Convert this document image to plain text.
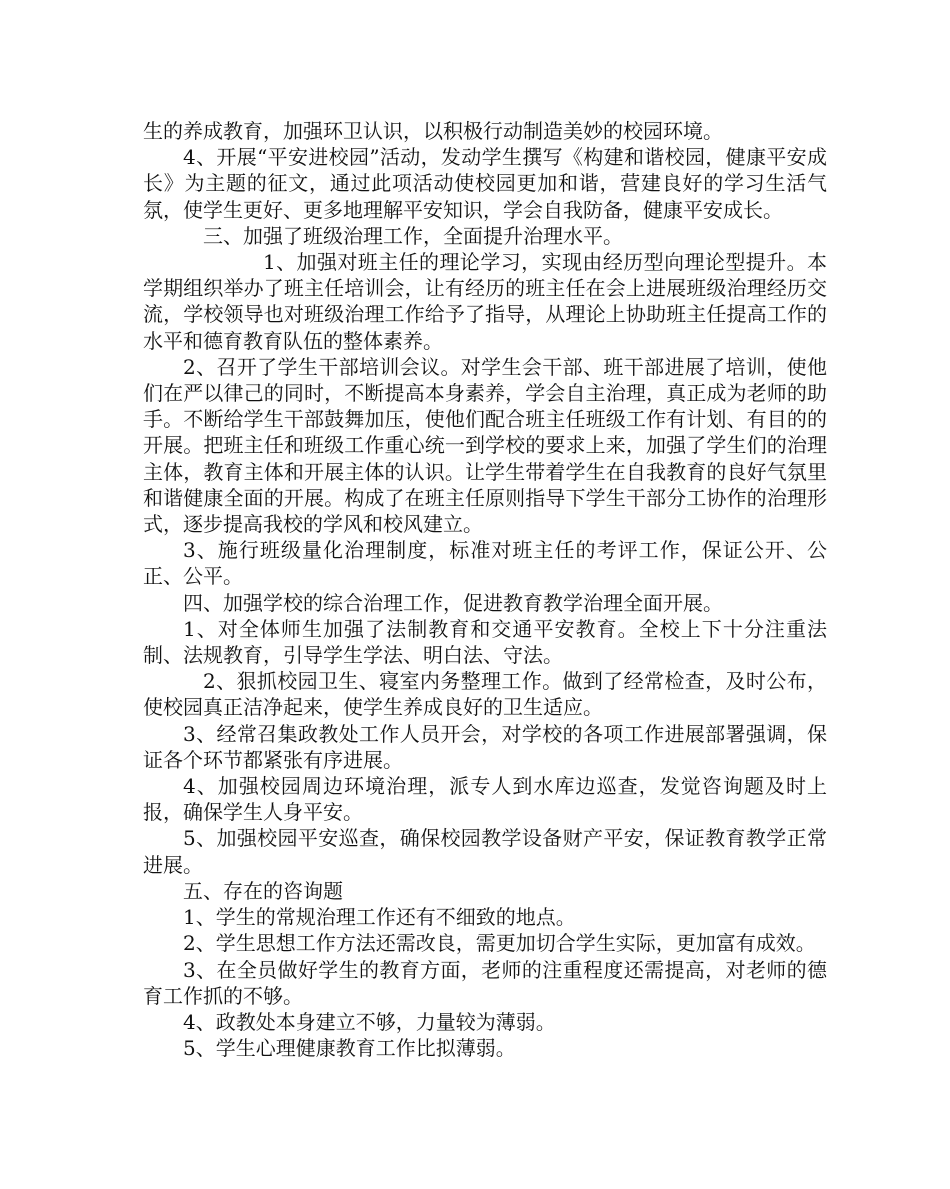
生的养成教育，加强环卫认识，以积极行动制造美妙的校园环境。

4、开展“平安进校园”活动，发动学生撰写《构建和谐校园，健康平安成长》为主题的征文，通过此项活动使校园更加和谐，营建良好的学习生活气氛，使学生更好、更多地理解平安知识，学会自我防备，健康平安成长。

三、加强了班级治理工作，全面提升治理水平。

1、加强对班主任的理论学习，实现由经历型向理论型提升。本学期组织举办了班主任培训会，让有经历的班主任在会上进展班级治理经历交流，学校领导也对班级治理工作给予了指导，从理论上协助班主任提高工作的水平和德育教育队伍的整体素养。

2、召开了学生干部培训会议。对学生会干部、班干部进展了培训，使他们在严以律己的同时，不断提高本身素养，学会自主治理，真正成为老师的助手。不断给学生干部鼓舞加压，使他们配合班主任班级工作有计划、有目的的开展。把班主任和班级工作重心统一到学校的要求上来，加强了学生们的治理主体，教育主体和开展主体的认识。让学生带着学生在自我教育的良好气氛里和谐健康全面的开展。构成了在班主任原则指导下学生干部分工协作的治理形式，逐步提高我校的学风和校风建立。

3、施行班级量化治理制度，标准对班主任的考评工作，保证公开、公正、公平。

四、加强学校的综合治理工作，促进教育教学治理全面开展。

1、对全体师生加强了法制教育和交通平安教育。全校上下十分注重法制、法规教育，引导学生学法、明白法、守法。

2、狠抓校园卫生、寝室内务整理工作。做到了经常检查，及时公布，使校园真正洁净起来，使学生养成良好的卫生适应。

3、经常召集政教处工作人员开会，对学校的各项工作进展部署强调，保证各个环节都紧张有序进展。

4、加强校园周边环境治理，派专人到水库边巡查，发觉咨询题及时上报，确保学生人身平安。

5、加强校园平安巡查，确保校园教学设备财产平安，保证教育教学正常进展。

五、存在的咨询题

1、学生的常规治理工作还有不细致的地点。

2、学生思想工作方法还需改良，需更加切合学生实际，更加富有成效。

3、在全员做好学生的教育方面，老师的注重程度还需提高，对老师的德育工作抓的不够。

4、政教处本身建立不够，力量较为薄弱。

5、学生心理健康教育工作比拟薄弱。
